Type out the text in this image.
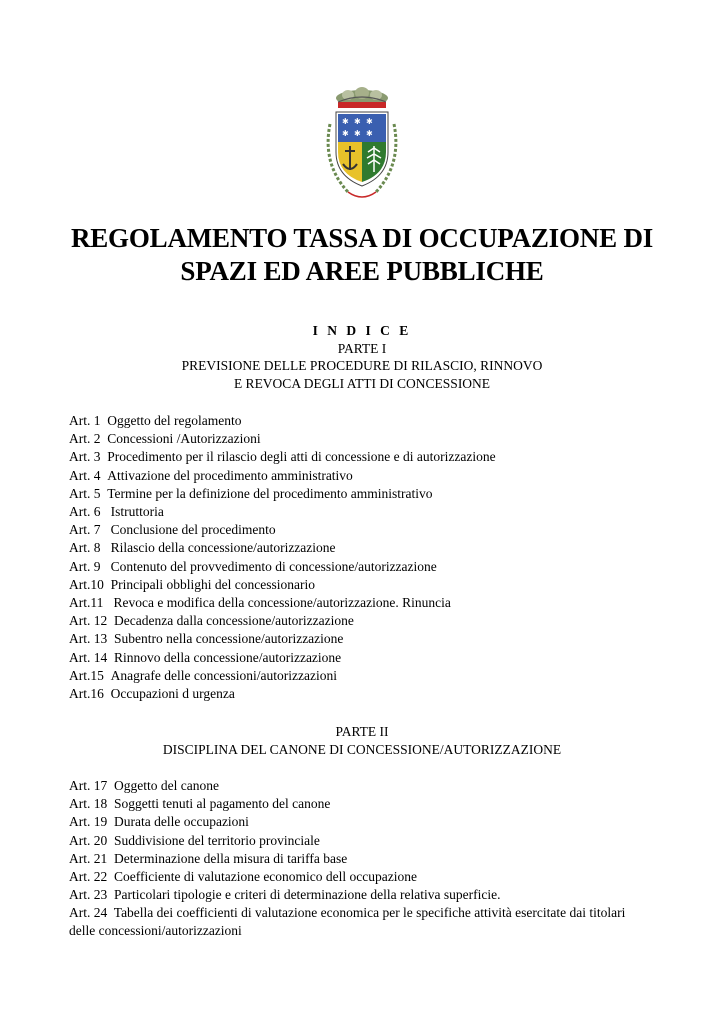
✱ ✱ ✱
✱ ✱ ✱
REGOLAMENTO TASSA DI OCCUPAZIONE DI
SPAZI ED AREE PUBBLICHE
I N D I C E
PARTE I
PREVISIONE DELLE PROCEDURE DI RILASCIO, RINNOVO
E REVOCA DEGLI ATTI DI CONCESSIONE
Art. 1 Oggetto del regolamento
Art. 2 Concessioni /Autorizzazioni
Art. 3 Procedimento per il rilascio degli atti di concessione e di autorizzazione
Art. 4 Attivazione del procedimento amministrativo
Art. 5 Termine per la definizione del procedimento amministrativo
Art. 6   Istruttoria
Art. 7   Conclusione del procedimento
Art. 8   Rilascio della concessione/autorizzazione
Art. 9   Contenuto del provvedimento di concessione/autorizzazione
Art.10 Principali obblighi del concessionario
Art.11   Revoca e modifica della concessione/autorizzazione. Rinuncia
Art. 12 Decadenza dalla concessione/autorizzazione
Art. 13 Subentro nella concessione/autorizzazione
Art. 14 Rinnovo della concessione/autorizzazione
Art.15 Anagrafe delle concessioni/autorizzazioni
Art.16 Occupazioni d urgenza
PARTE II
DISCIPLINA DEL CANONE DI CONCESSIONE/AUTORIZZAZIONE
Art. 17 Oggetto del canone
Art. 18 Soggetti tenuti al pagamento del canone
Art. 19 Durata delle occupazioni
Art. 20 Suddivisione del territorio provinciale
Art. 21 Determinazione della misura di tariffa base
Art. 22 Coefficiente di valutazione economico dell occupazione
Art. 23 Particolari tipologie e criteri di determinazione della relativa superficie.
Art. 24 Tabella dei coefficienti di valutazione economica per le specifiche attività esercitate dai titolari delle concessioni/autorizzazioni
